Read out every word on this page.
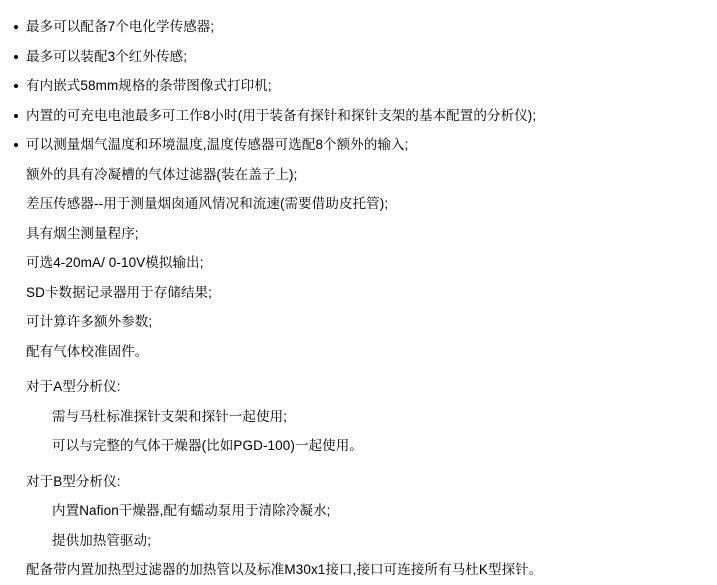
最多可以配备7个电化学传感器;
最多可以装配3个红外传感;
有内嵌式58mm规格的条带图像式打印机;
内置的可充电电池最多可工作8小时(用于装备有探针和探针支架的基本配置的分析仪);
可以测量烟气温度和环境温度,温度传感器可选配8个额外的输入;
额外的具有冷凝槽的气体过滤器(装在盖子上);
差压传感器--用于测量烟囱通风情况和流速(需要借助皮托管);
具有烟尘测量程序;
可选4-20mA/ 0-10V模拟输出;
SD卡数据记录器用于存储结果;
可计算许多额外参数;
配有气体校准固件。
对于A型分析仪:
需与马杜标准探针支架和探针一起使用;
可以与完整的气体干燥器(比如PGD-100)一起使用。
对于B型分析仪:
内置Nafion干燥器,配有蠕动泵用于清除冷凝水;
提供加热管驱动;
配备带内置加热型过滤器的加热管以及标准M30x1接口,接口可连接所有马杜K型探针。
